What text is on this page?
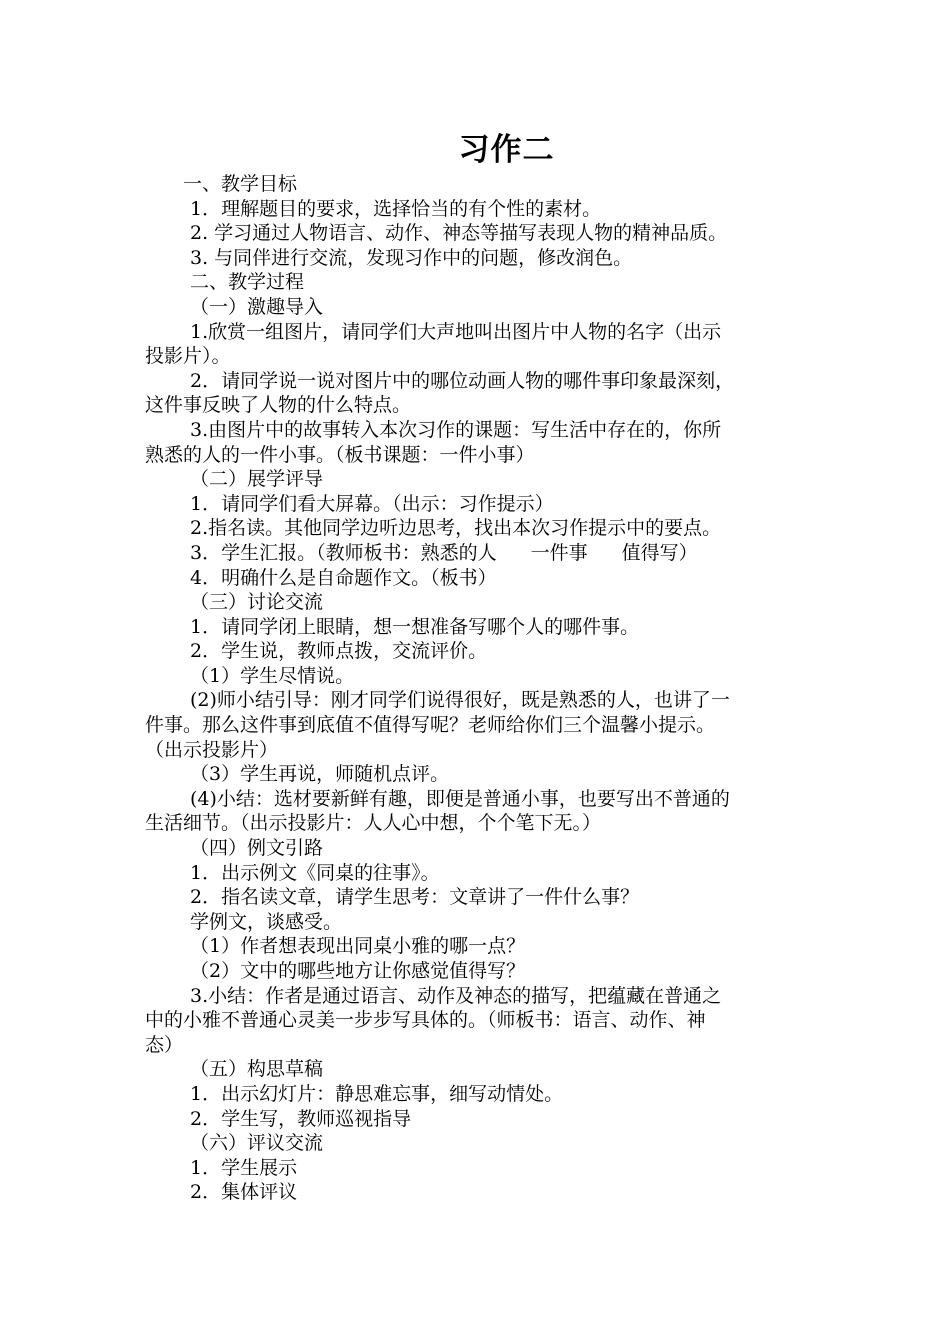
习作二
一、教学目标
1．理解题目的要求，选择恰当的有个性的素材。
2. 学习通过人物语言、动作、神态等描写表现人物的精神品质。
3. 与同伴进行交流，发现习作中的问题，修改润色。
二、教学过程
（一）激趣导入
1.欣赏一组图片，请同学们大声地叫出图片中人物的名字（出示
投影片）。
2．请同学说一说对图片中的哪位动画人物的哪件事印象最深刻，
这件事反映了人物的什么特点。
3.由图片中的故事转入本次习作的课题：写生活中存在的，你所
熟悉的人的一件小事。（板书课题：一件小事）
（二）展学评导
1．请同学们看大屏幕。（出示：习作提示）
2.指名读。其他同学边听边思考，找出本次习作提示中的要点。
3．学生汇报。（教师板书：熟悉的人 一件事 值得写）
4．明确什么是自命题作文。（板书）
（三）讨论交流
1．请同学闭上眼睛，想一想准备写哪个人的哪件事。
2．学生说，教师点拨，交流评价。
（1）学生尽情说。
(2)师小结引导：刚才同学们说得很好，既是熟悉的人，也讲了一
件事。那么这件事到底值不值得写呢？老师给你们三个温馨小提示。
（出示投影片）
（3）学生再说，师随机点评。
(4)小结：选材要新鲜有趣，即便是普通小事，也要写出不普通的
生活细节。（出示投影片：人人心中想，个个笔下无。）
（四）例文引路
1．出示例文《同桌的往事》。
2．指名读文章，请学生思考：文章讲了一件什么事？
学例文，谈感受。
（1）作者想表现出同桌小雅的哪一点？
（2）文中的哪些地方让你感觉值得写？
3.小结：作者是通过语言、动作及神态的描写，把蕴藏在普通之
中的小雅不普通心灵美一步步写具体的。（师板书：语言、动作、神
态）
（五）构思草稿
1．出示幻灯片：静思难忘事，细写动情处。
2．学生写，教师巡视指导
（六）评议交流
1．学生展示
2．集体评议
